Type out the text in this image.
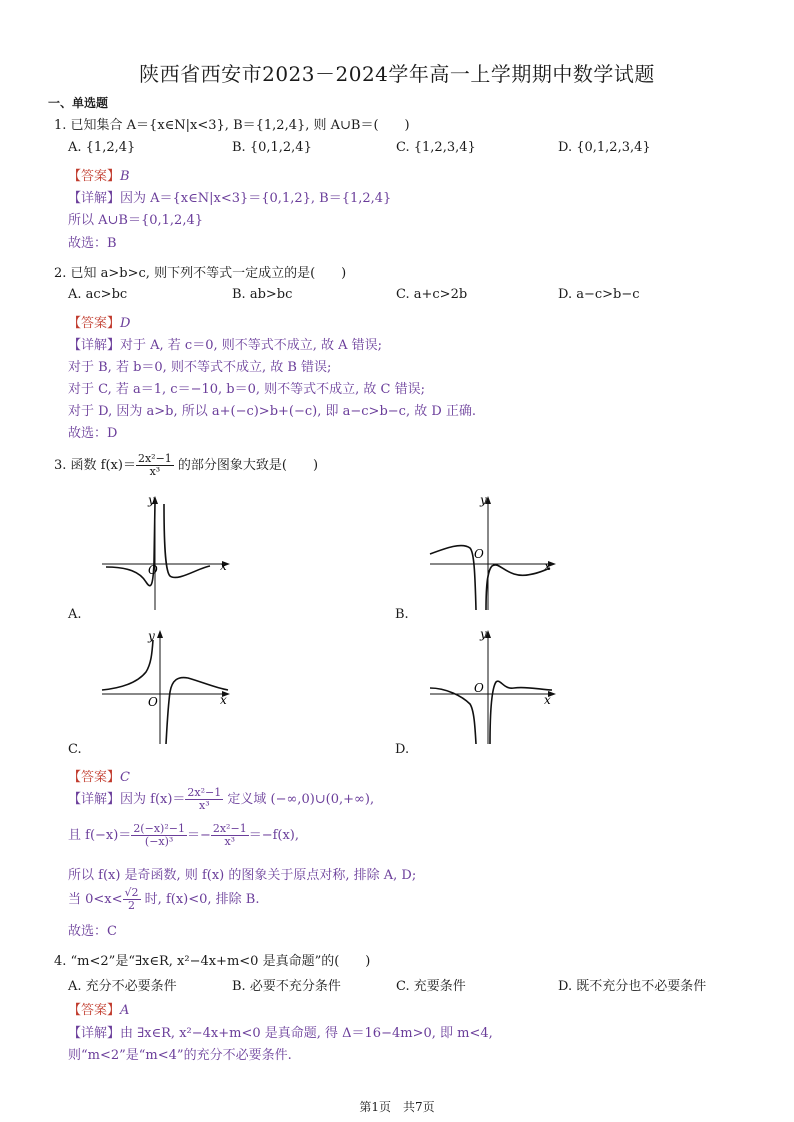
陕西省西安市2023－2024学年高一上学期期中数学试题
一、单选题
1. 已知集合 A＝{x∈N|x<3}, B＝{1,2,4}, 则 A∪B＝(　　)
A. {1,2,4}	B. {0,1,2,4}	C. {1,2,3,4}	D. {0,1,2,3,4}
【答案】B
【详解】因为 A＝{x∈N|x<3}＝{0,1,2}, B＝{1,2,4}
所以 A∪B＝{0,1,2,4}
故选：B
2. 已知 a>b>c, 则下列不等式一定成立的是(　　)
A. ac>bc	B. ab>bc	C. a+c>2b	D. a−c>b−c
【答案】D
【详解】对于 A, 若 c＝0, 则不等式不成立, 故 A 错误;
对于 B, 若 b＝0, 则不等式不成立, 故 B 错误;
对于 C, 若 a＝1, c＝−10, b＝0, 则不等式不成立, 故 C 错误;
对于 D, 因为 a>b, 所以 a+(−c)>b+(−c), 即 a−c>b−c, 故 D 正确.
故选：D
3. 函数 $f(x)= \frac{\text{2x²−1}}{\text{x³}}$ 的部分图象大致是(　　)
O	x
y
A.
O
x
y
B.
O	x
y
C.
O
x
y
D.
【答案】C
【详解】因为 $f(x)= \frac{\text{2x²−1}}{\text{x³}}$ 定义域 (−∞,0)∪(0,+∞),
且 $f(-x)= \frac{\text{2(−x)²−1}}{\text{(−x)³}} =- \frac{\text{2x²−1}}{\text{x³}} =-f(x)$,
所以 f(x) 是奇函数, 则 f(x) 的图象关于原点对称, 排除 A, D;
当 $0<x< \frac{√2}{2}$ 时, f(x)<0, 排除 B.
故选：C
4. “m<2”是“∃x∈R, x²−4x+m<0 是真命题”的(　　)
A. 充分不必要条件	B. 必要不充分条件	C. 充要条件	D. 既不充分也不必要条件
【答案】A
【详解】由 ∃x∈R, x²−4x+m<0 是真命题, 得 Δ＝16−4m>0, 即 m<4,
则“m<2”是“m<4”的充分不必要条件.
第1页　共7页
